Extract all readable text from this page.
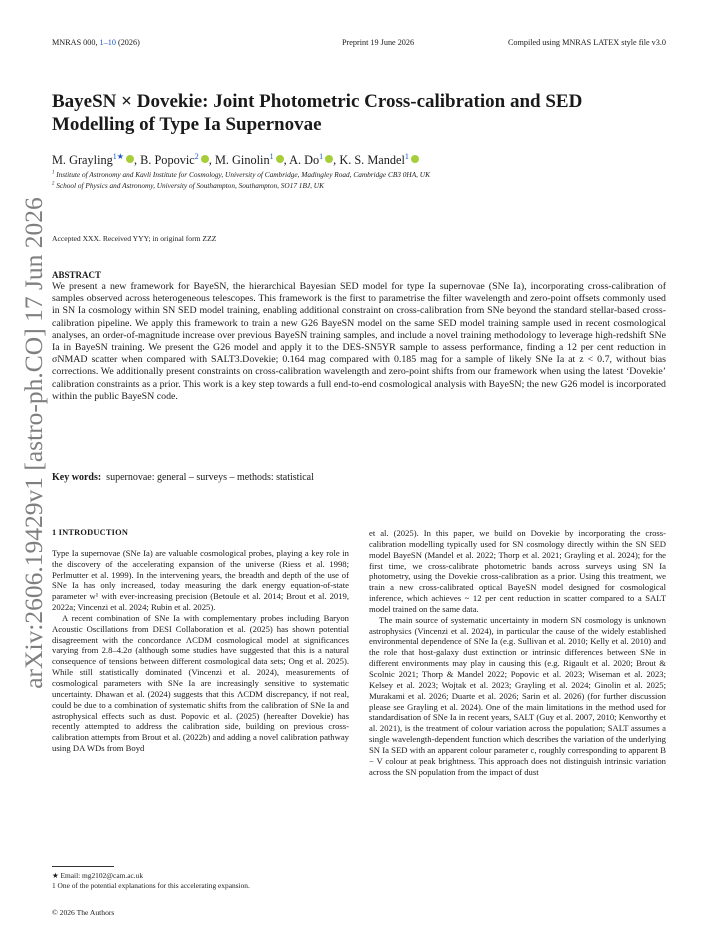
MNRAS 000, 1–10 (2026)	Preprint 19 June 2026	Compiled using MNRAS LATEX style file v3.0
arXiv:2606.19429v1 [astro-ph.CO] 17 Jun 2026
BayeSN × Dovekie: Joint Photometric Cross-calibration and SED Modelling of Type Ia Supernovae
M. Grayling$^{1★}$ , B. Popovic$^2$ , M. Ginolin$^1$ , A. Do$^1$ , K. S. Mandel$^1$
$^1$ Institute of Astronomy and Kavli Institute for Cosmology, University of Cambridge, Madingley Road, Cambridge CB3 0HA, UK
$^2$ School of Physics and Astronomy, University of Southampton, Southampton, SO17 1BJ, UK
Accepted XXX. Received YYY; in original form ZZZ
ABSTRACT
We present a new framework for BayeSN, the hierarchical Bayesian SED model for type Ia supernovae (SNe Ia), incorporating cross-calibration of samples observed across heterogeneous telescopes. This framework is the first to parametrise the filter wavelength and zero-point offsets commonly used in SN Ia cosmology within SN SED model training, enabling additional constraint on cross-calibration from SNe beyond the standard stellar-based cross-calibration pipeline. We apply this framework to train a new G26 BayeSN model on the same SED model training sample used in recent cosmological analyses, an order-of-magnitude increase over previous BayeSN training samples, and include a novel training methodology to leverage high-redshift SNe Ia in BayeSN training. We present the G26 model and apply it to the DES-SN5YR sample to assess performance, finding a 12 per cent reduction in σNMAD scatter when compared with SALT3.Dovekie; 0.164 mag compared with 0.185 mag for a sample of likely SNe Ia at z < 0.7, without bias corrections. We additionally present constraints on cross-calibration wavelength and zero-point shifts from our framework when using the latest ‘Dovekie’ calibration constraints as a prior. This work is a key step towards a full end-to-end cosmological analysis with BayeSN; the new G26 model is incorporated within the public BayeSN code.
Key words: supernovae: general – surveys – methods: statistical
1 INTRODUCTION

Type Ia supernovae (SNe Ia) are valuable cosmological probes, playing a key role in the discovery of the accelerating expansion of the universe (Riess et al. 1998; Perlmutter et al. 1999). In the intervening years, the breadth and depth of the use of SNe Ia has only increased, today measuring the dark energy equation-of-state parameter w¹ with ever-increasing precision (Betoule et al. 2014; Brout et al. 2019, 2022a; Vincenzi et al. 2024; Rubin et al. 2025).

A recent combination of SNe Ia with complementary probes including Baryon Acoustic Oscillations from DESI Collaboration et al. (2025) has shown potential disagreement with the concordance ΛCDM cosmological model at significances varying from 2.8–4.2σ (although some studies have suggested that this is a natural consequence of tensions between different cosmological data sets; Ong et al. 2025). While still statistically dominated (Vincenzi et al. 2024), measurements of cosmological parameters with SNe Ia are increasingly sensitive to systematic uncertainty. Dhawan et al. (2024) suggests that this ΛCDM discrepancy, if not real, could be due to a combination of systematic shifts from the calibration of SNe Ia and astrophysical effects such as dust. Popovic et al. (2025) (hereafter Dovekie) has recently attempted to address the calibration side, building on previous cross-calibration attempts from Brout et al. (2022b) and adding a novel calibration pathway using DA WDs from Boyd

et al. (2025). In this paper, we build on Dovekie by incorporating the cross-calibration modelling typically used for SN cosmology directly within the SN SED model BayeSN (Mandel et al. 2022; Thorp et al. 2021; Grayling et al. 2024); for the first time, we cross-calibrate photometric bands across surveys using SN Ia photometry, using the Dovekie cross-calibration as a prior. Using this treatment, we train a new cross-calibrated optical BayeSN model designed for cosmological inference, which achieves ~ 12 per cent reduction in scatter compared to a SALT model trained on the same data.

The main source of systematic uncertainty in modern SN cosmology is unknown astrophysics (Vincenzi et al. 2024), in particular the cause of the widely established environmental dependence of SNe Ia (e.g. Sullivan et al. 2010; Kelly et al. 2010) and the role that host-galaxy dust extinction or intrinsic differences between SNe in different environments may play in causing this (e.g. Rigault et al. 2020; Brout & Scolnic 2021; Thorp & Mandel 2022; Popovic et al. 2023; Wiseman et al. 2023; Kelsey et al. 2023; Wojtak et al. 2023; Grayling et al. 2024; Ginolin et al. 2025; Murakami et al. 2026; Duarte et al. 2026; Sarin et al. 2026) (for further discussion please see Grayling et al. 2024). One of the main limitations in the method used for standardisation of SNe Ia in recent years, SALT (Guy et al. 2007, 2010; Kenworthy et al. 2021), is the treatment of colour variation across the population; SALT assumes a single wavelength-dependent function which describes the variation of the underlying SN Ia SED with an apparent colour parameter c, roughly corresponding to apparent B − V colour at peak brightness. This approach does not distinguish intrinsic variation across the SN population from the impact of dust

★ Email: mg2102@cam.ac.uk
1 One of the potential explanations for this accelerating expansion.
© 2026 The Authors
